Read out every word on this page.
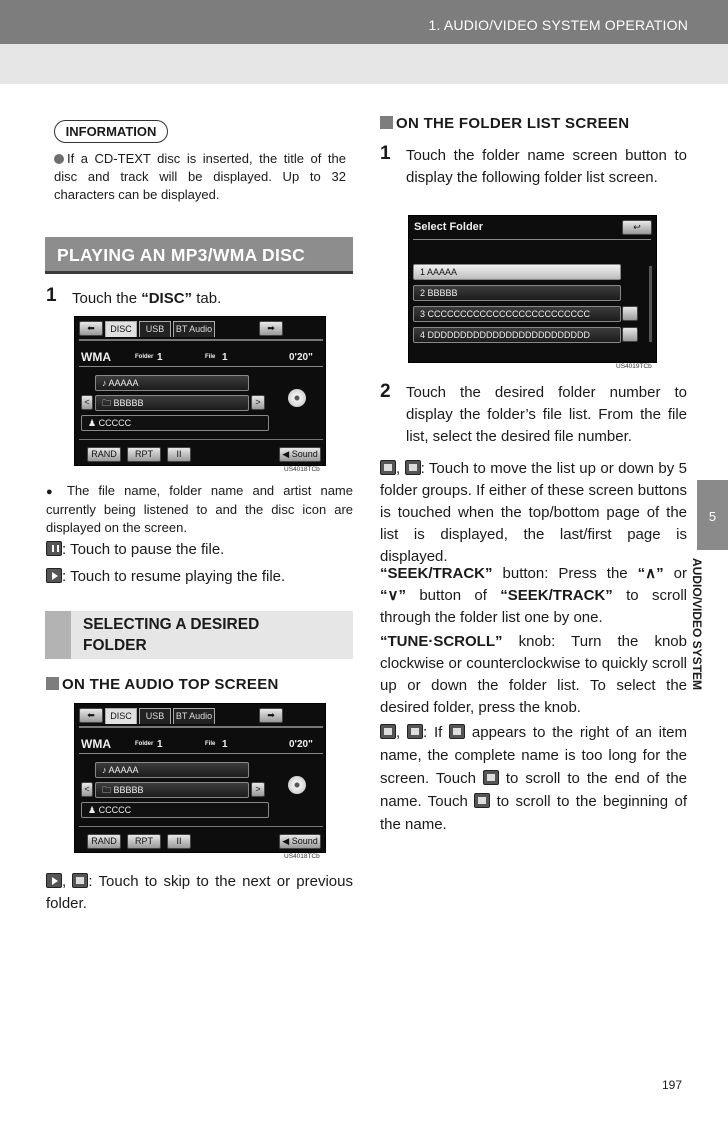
1. AUDIO/VIDEO SYSTEM OPERATION
5
AUDIO/VIDEO SYSTEM
INFORMATION
If a CD-TEXT disc is inserted, the title of the disc and track will be displayed. Up to 32 characters can be displayed.
PLAYING AN MP3/WMA DISC
1 Touch the “DISC” tab.
⬅	DISC	USB	BT Audio	➡
WMA	Folder 1	File 1	0'20"
♪ AAAAA
<	🗀 BBBBB	>
♟ CCCCC
RAND	RPT	II	◀ Sound
US4018TCb
● The file name, folder name and artist name currently being listened to and the disc icon are displayed on the screen.
: Touch to pause the file.
: Touch to resume playing the file.
SELECTING A DESIRED FOLDER
ON THE AUDIO TOP SCREEN
⬅	DISC	USB	BT Audio	➡
WMA	Folder 1	File 1	0'20"
♪ AAAAA
<	🗀 BBBBB	>
♟ CCCCC
RAND	RPT	II	◀ Sound
US4018TCb
, : Touch to skip to the next or previous folder.
ON THE FOLDER LIST SCREEN
1 Touch the folder name screen button to display the following folder list screen.
Select Folder	↩
1 AAAAA
2 BBBBB
3 CCCCCCCCCCCCCCCCCCCCCCCCC
4 DDDDDDDDDDDDDDDDDDDDDDDDD
US4019TCb
2 Touch the desired folder number to display the folder’s file list. From the file list, select the desired file number.
, : Touch to move the list up or down by 5 folder groups. If either of these screen buttons is touched when the top/bottom page of the list is displayed, the last/first page is displayed.
“SEEK/TRACK” button: Press the “∧” or “∨” button of “SEEK/TRACK” to scroll through the folder list one by one.
“TUNE·SCROLL” knob: Turn the knob clockwise or counterclockwise to quickly scroll up or down the folder list. To select the desired folder, press the knob.
, : If  appears to the right of an item name, the complete name is too long for the screen. Touch  to scroll to the end of the name. Touch  to scroll to the beginning of the name.
197
